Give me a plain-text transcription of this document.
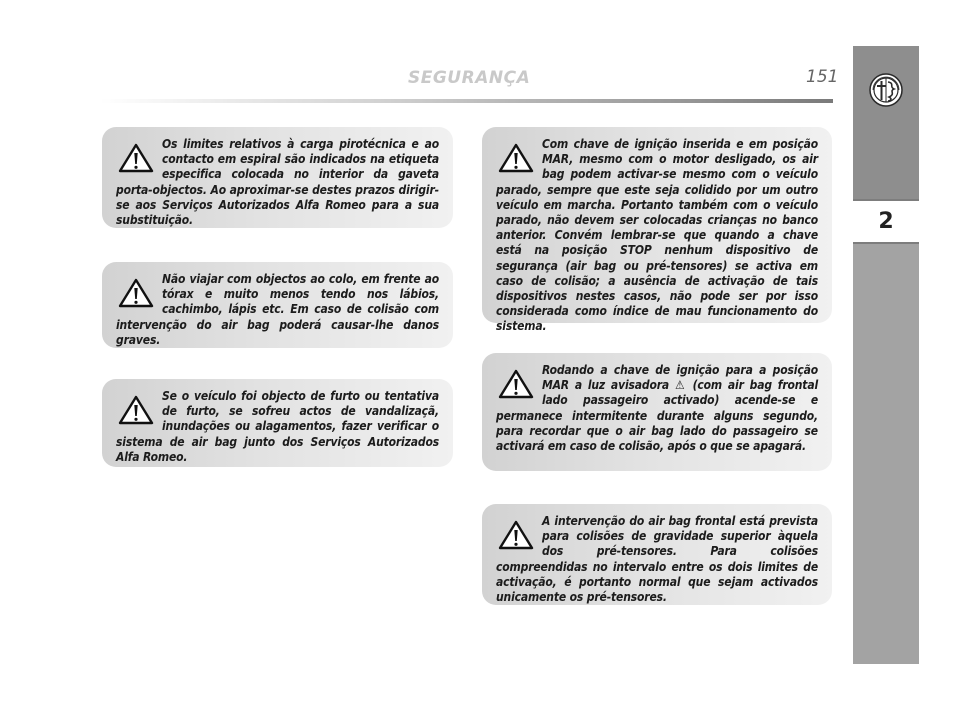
SEGURANÇA	151
2

Os limites relativos à carga pirotécnica e ao contacto em espiral são indicados na etiqueta especifica colocada no interior da gaveta porta-objectos. Ao aproximar-se destes prazos dirigir-se aos Serviços Autorizados Alfa Romeo para a sua substituição.

Não viajar com objectos ao colo, em frente ao tórax e muito menos tendo nos lábios, cachimbo, lápis etc. Em caso de colisão com intervenção do air bag poderá causar-lhe danos graves.

Se o veículo foi objecto de furto ou tentativa de furto, se sofreu actos de vandalizaçã, inundações ou alagamentos, fazer verificar o sistema de air bag junto dos Serviços Autorizados Alfa Romeo.

Com chave de ignição inserida e em posição MAR, mesmo com o motor desligado, os air bag podem activar-se mesmo com o veículo parado, sempre que este seja colidido por um outro veículo em marcha. Portanto também com o veículo parado, não devem ser colocadas crianças no banco anterior. Convém lembrar-se que quando a chave está na posição STOP nenhum dispositivo de segurança (air bag ou pré-tensores) se activa em caso de colisão; a ausência de activação de tais dispositivos nestes casos, não pode ser por isso considerada como índice de mau funcionamento do sistema.

Rodando a chave de ignição para a posição MAR a luz avisadora ⚠ (com air bag frontal lado passageiro activado) acende-se e permanece intermitente durante alguns segundo, para recordar que o air bag lado do passageiro se activará em caso de colisão, após o que se apagará.

A intervenção do air bag frontal está prevista para colisões de gravidade superior àquela dos pré-tensores. Para colisões compreendidas no intervalo entre os dois limites de activação, é portanto normal que sejam activados unicamente os pré-tensores.
